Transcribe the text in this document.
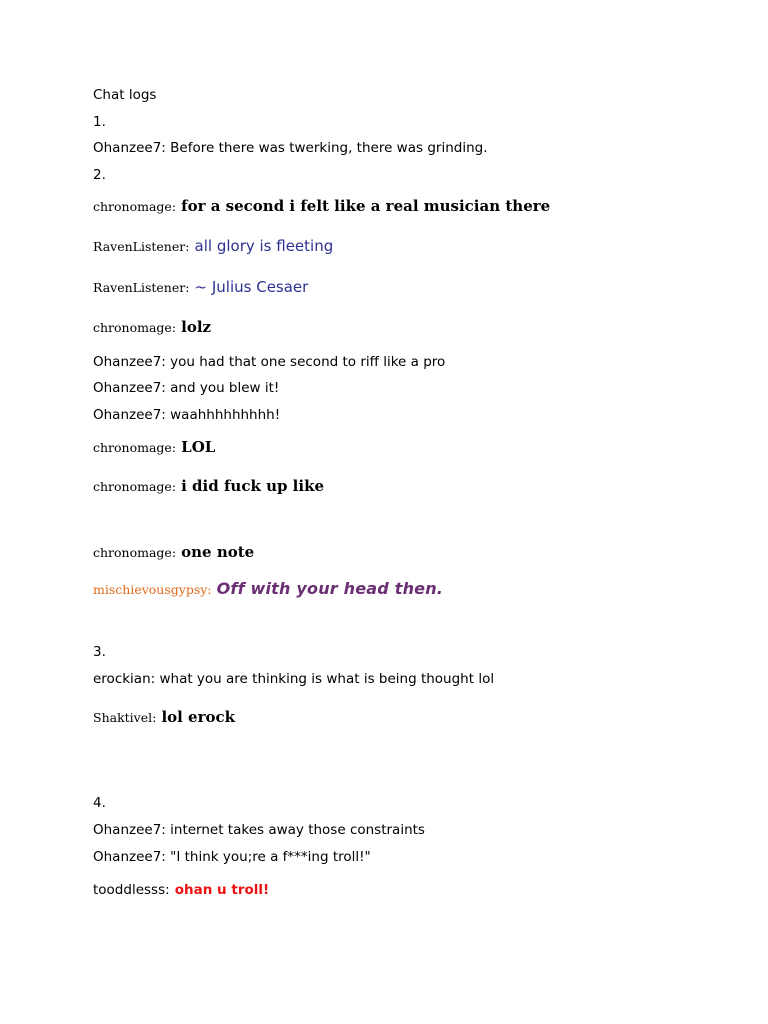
Chat logs
1.
Ohanzee7: Before there was twerking, there was grinding.
2.
chronomage: for a second i felt like a real musician there
RavenListener: all glory is fleeting
RavenListener: ~ Julius Cesaer
chronomage: lolz
Ohanzee7: you had that one second to riff like a pro
Ohanzee7: and you blew it!
Ohanzee7: waahhhhhhhhh!
chronomage: LOL
chronomage: i did fuck up like
chronomage: one note
mischievousgypsy: Off with your head then.
3.
erockian: what you are thinking is what is being thought lol
Shaktivel: lol erock
4.
Ohanzee7: internet takes away those constraints
Ohanzee7: "I think you;re a f***ing troll!"
tooddlesss: ohan u troll!
